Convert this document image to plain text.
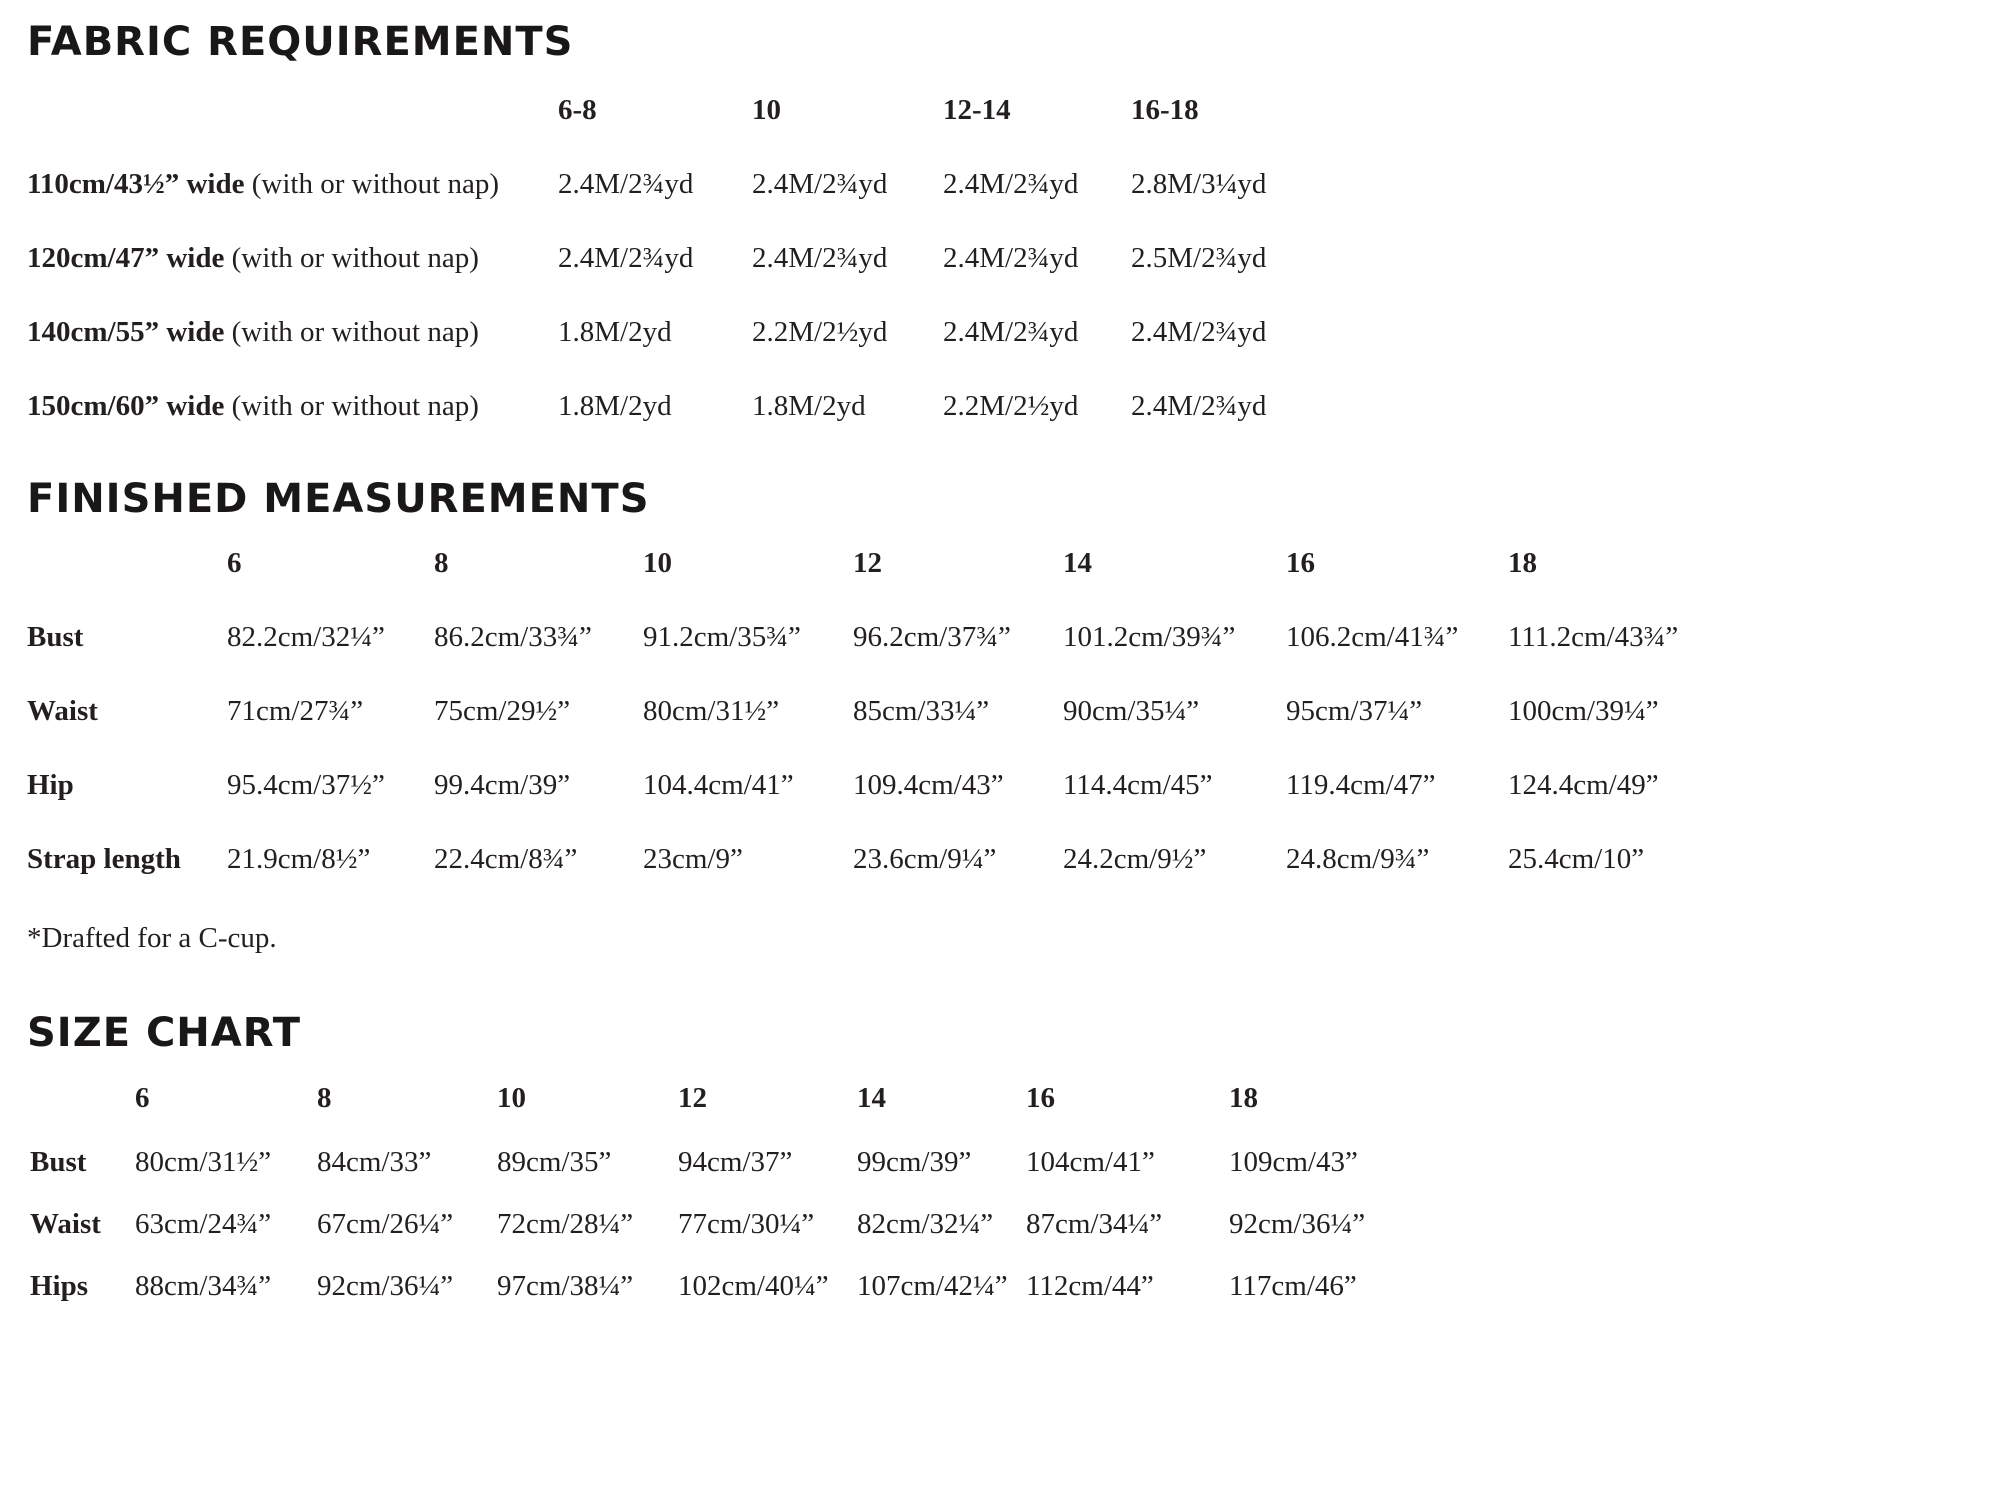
FABRIC REQUIREMENTS
6-8	10	12-14	16-18
110cm/43½” wide (with or without nap) 2.4M/2¾yd 2.4M/2¾yd 2.4M/2¾yd 2.8M/3¼yd
120cm/47” wide (with or without nap)	2.4M/2¾yd 2.4M/2¾yd 2.4M/2¾yd 2.5M/2¾yd
140cm/55” wide (with or without nap)	1.8M/2yd	2.2M/2½yd 2.4M/2¾yd 2.4M/2¾yd
150cm/60” wide (with or without nap)	1.8M/2yd	1.8M/2yd	2.2M/2½yd 2.4M/2¾yd
FINISHED MEASUREMENTS
6	8	10	12	14	16	18
Bust	82.2cm/32¼” 86.2cm/33¾” 91.2cm/35¾” 96.2cm/37¾” 101.2cm/39¾” 106.2cm/41¾” 111.2cm/43¾”
Waist	71cm/27¾” 75cm/29½”	80cm/31½”	85cm/33¼”	90cm/35¼”	95cm/37¼”	100cm/39¼”
Hip	95.4cm/37½” 99.4cm/39”	104.4cm/41” 109.4cm/43” 114.4cm/45”	119.4cm/47” 124.4cm/49”
Strap length 21.9cm/8½” 22.4cm/8¾” 23cm/9”	23.6cm/9¼” 24.2cm/9½”	24.8cm/9¾”	25.4cm/10”
*Drafted for a C-cup.
SIZE CHART
6	8	10	12	14	16	18
Bust 80cm/31½” 84cm/33” 89cm/35” 94cm/37” 99cm/39” 104cm/41”	109cm/43”
Waist 63cm/24¾” 67cm/26¼” 72cm/28¼” 77cm/30¼” 82cm/32¼” 87cm/34¼” 92cm/36¼”
Hips 88cm/34¾” 92cm/36¼” 97cm/38¼” 102cm/40¼” 107cm/42¼” 112cm/44”	117cm/46”
